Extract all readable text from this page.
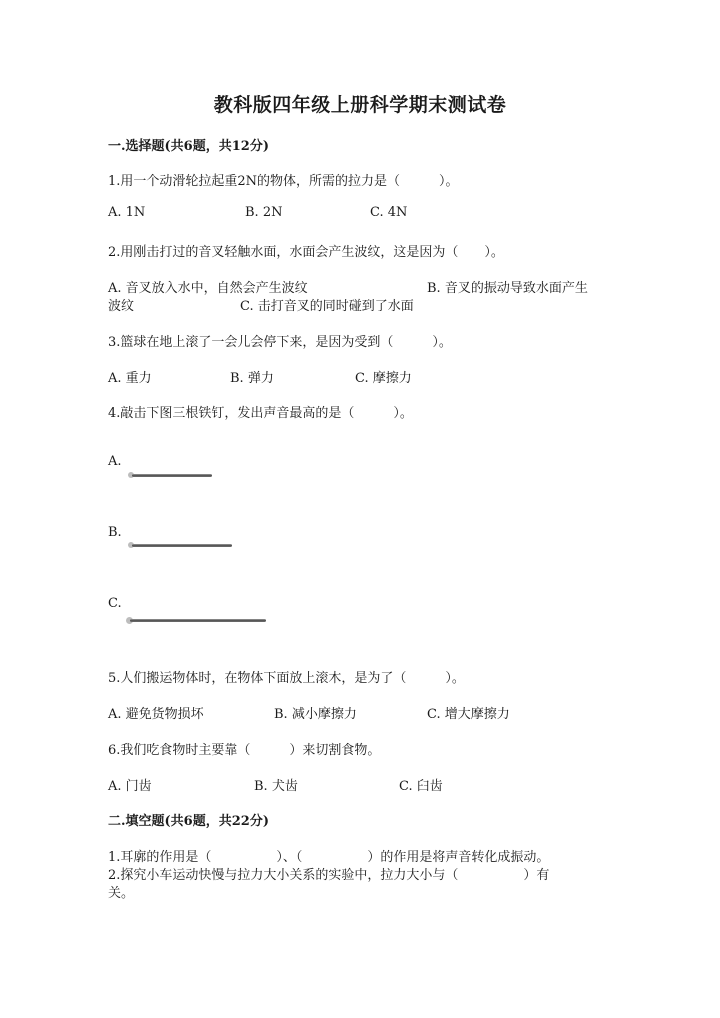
教科版四年级上册科学期末测试卷
一.选择题(共6题，共12分)
1.用一个动滑轮拉起重2N的物体，所需的拉力是（　　　）。
A. 1N	B. 2N	C. 4N
2.用刚击打过的音叉轻触水面，水面会产生波纹，这是因为（　　）。
A. 音叉放入水中，自然会产生波纹	B. 音叉的振动导致水面产生
波纹	C. 击打音叉的同时碰到了水面
3.篮球在地上滚了一会儿会停下来，是因为受到（　　　）。
A. 重力	B. 弹力	C. 摩擦力
4.敲击下图三根铁钉，发出声音最高的是（　　　）。
A.
B.
C.
5.人们搬运物体时，在物体下面放上滚木，是为了（　　　）。
A. 避免货物损坏	B. 减小摩擦力	C. 增大摩擦力
6.我们吃食物时主要靠（　　　）来切割食物。
A. 门齿	B. 犬齿	C. 臼齿
二.填空题(共6题，共22分)
1.耳廓的作用是（　　　　　）、（　　　　　）的作用是将声音转化成振动。
2.探究小车运动快慢与拉力大小关系的实验中，拉力大小与（　　　　　）有
关。
